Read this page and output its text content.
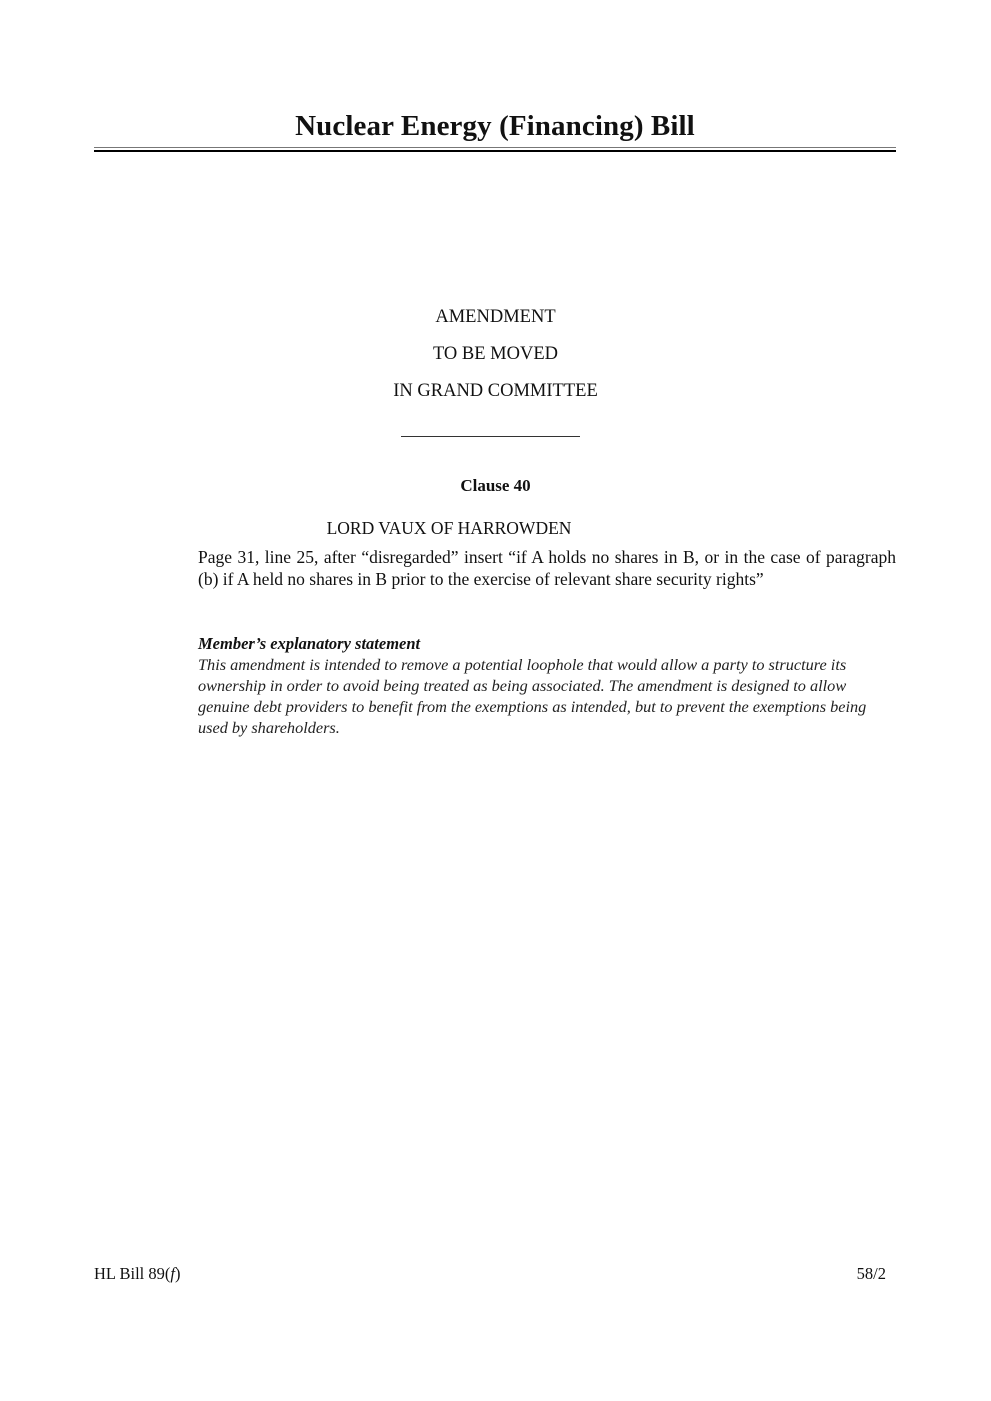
Nuclear Energy (Financing) Bill
AMENDMENT
TO BE MOVED
IN GRAND COMMITTEE
Clause 40
LORD VAUX OF HARROWDEN
Page 31, line 25, after “disregarded” insert “if A holds no shares in B, or in the case of paragraph (b) if A held no shares in B prior to the exercise of relevant share security rights”
Member’s explanatory statement
This amendment is intended to remove a potential loophole that would allow a party to structure its ownership in order to avoid being treated as being associated. The amendment is designed to allow genuine debt providers to benefit from the exemptions as intended, but to prevent the exemptions being used by shareholders.
HL Bill 89(f)	58/2
